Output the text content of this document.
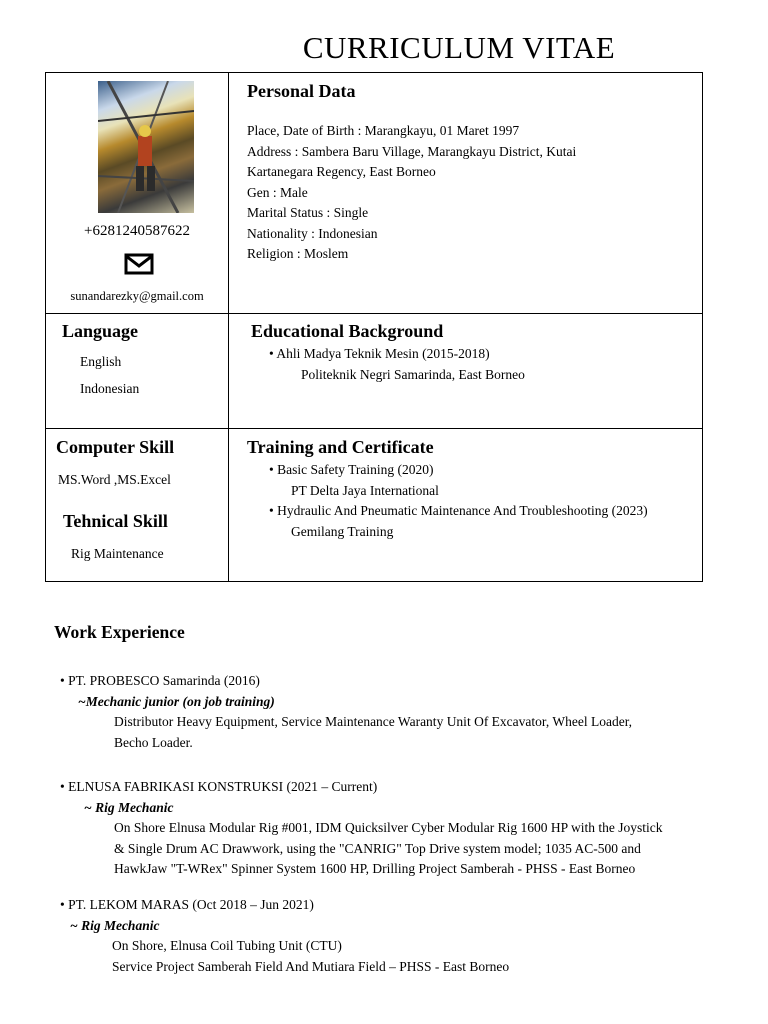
CURRICULUM VITAE
+6281240587622
sunandarezky@gmail.com
Personal Data
Place, Date of Birth : Marangkayu, 01 Maret 1997
Address : Sambera Baru Village, Marangkayu District, Kutai
Kartanegara Regency, East Borneo
Gen : Male
Marital Status : Single
Nationality : Indonesian
Religion : Moslem
Language
English
Indonesian
Educational Background
• Ahli Madya Teknik Mesin (2015-2018)
Politeknik Negri Samarinda, East Borneo
Computer Skill
MS.Word ,MS.Excel
Tehnical Skill
Rig Maintenance
Training and Certificate
• Basic Safety Training (2020)
PT Delta Jaya International
• Hydraulic And Pneumatic Maintenance And Troubleshooting (2023)
Gemilang Training
Work Experience
• PT. PROBESCO Samarinda (2016)
~Mechanic junior (on job training)
Distributor Heavy Equipment, Service Maintenance Waranty Unit Of Excavator, Wheel Loader,
Becho Loader.
• ELNUSA FABRIKASI KONSTRUKSI (2021 – Current)
~ Rig Mechanic
On Shore Elnusa Modular Rig #001, IDM Quicksilver Cyber Modular Rig 1600 HP with the Joystick
& Single Drum AC Drawwork, using the "CANRIG" Top Drive system model; 1035 AC-500 and
HawkJaw "T-WRex" Spinner System 1600 HP, Drilling Project Samberah - PHSS - East Borneo
• PT. LEKOM MARAS (Oct 2018 – Jun 2021)
~ Rig Mechanic
On Shore, Elnusa Coil Tubing Unit (CTU)
Service Project Samberah Field And Mutiara Field – PHSS - East Borneo
